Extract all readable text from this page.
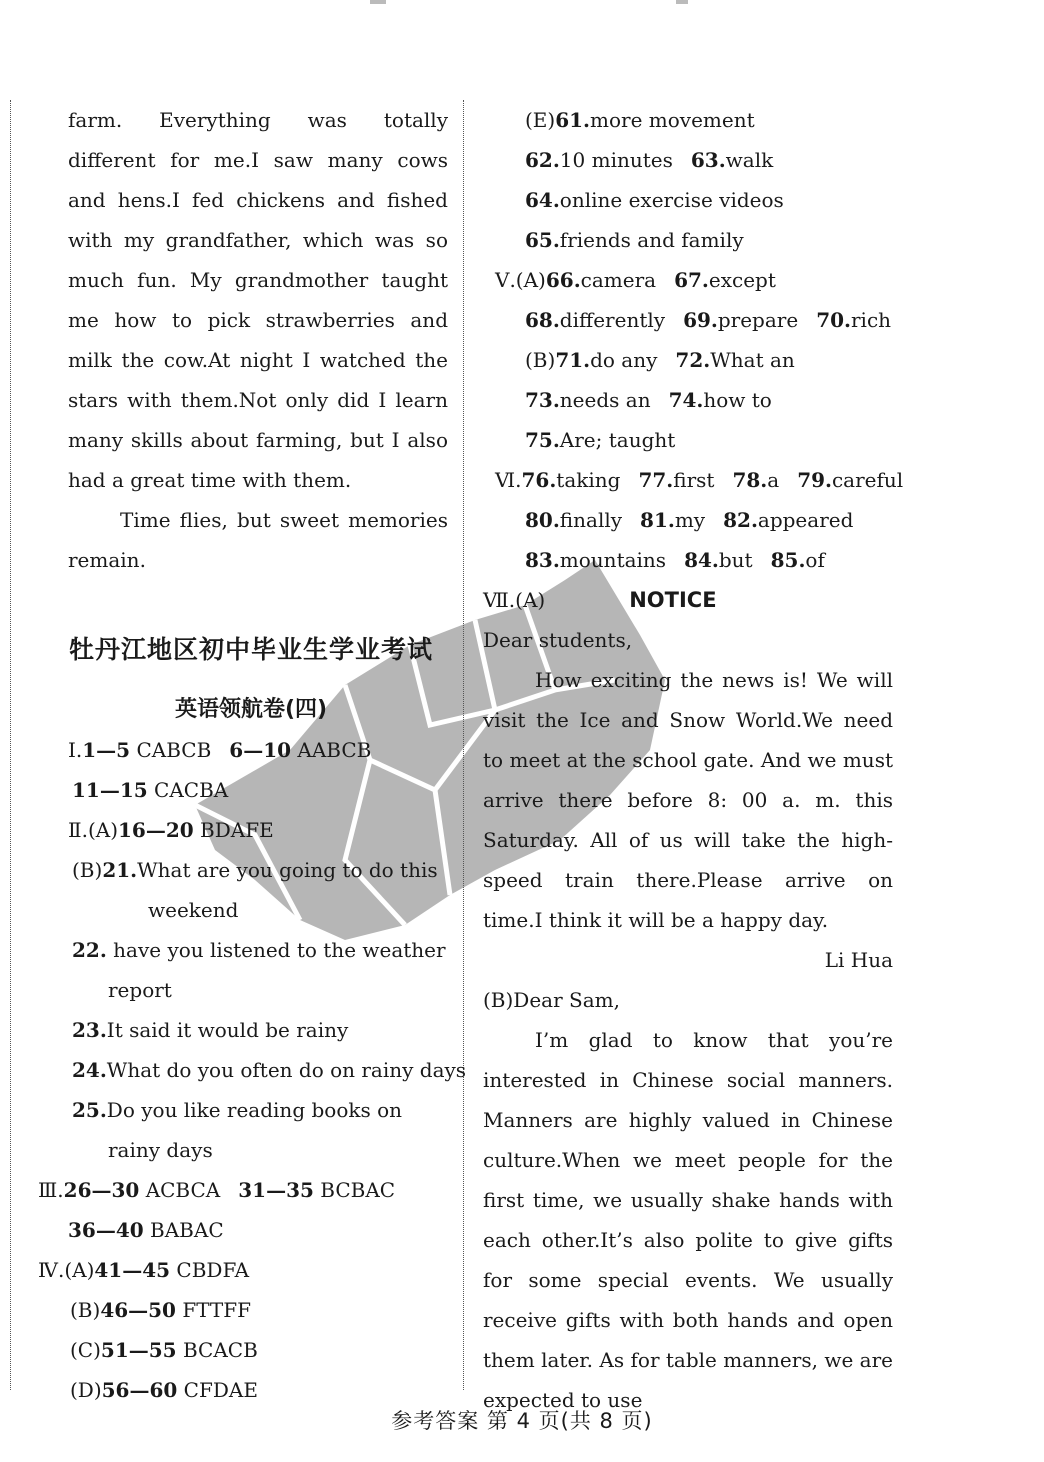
farm. Everything was totally different for me.I saw many cows and hens.I fed chickens and fished with my grandfather, which was so much fun. My grandmother taught me how to pick strawberries and milk the cow.At night I watched the stars with them.Not only did I learn many skills about farming, but I also had a great time with them.

Time flies, but sweet memories remain.

牡丹江地区初中毕业生学业考试
英语领航卷(四)
Ⅰ.1—5 CABCB 6—10 AABCB
11—15 CACBA
Ⅱ.(A)16—20 BDAFE
(B)21.What are you going to do this
weekend
22. have you listened to the weather
report
23.It said it would be rainy
24.What do you often do on rainy days
25.Do you like reading books on
rainy days
Ⅲ.26—30 ACBCA 31—35 BCBAC
36—40 BABAC
Ⅳ.(A)41—45 CBDFA
(B)46—50 FTTFF
(C)51—55 BCACB
(D)56—60 CFDAE
(E)61.more movement
62.10 minutes 63.walk
64.online exercise videos
65.friends and family
Ⅴ.(A)66.camera 67.except
68.differently 69.prepare 70.rich
(B)71.do any 72.What an
73.needs an 74.how to
75.Are; taught
Ⅵ.76.taking 77.first 78.a 79.careful
80.finally 81.my 82.appeared
83.mountains 84.but 85.of
Ⅶ.(A)	NOTICE

Dear students,

How exciting the news is! We will visit the Ice and Snow World.We need to meet at the school gate. And we must arrive there before 8: 00 a. m. this Saturday. All of us will take the high-speed train there.Please arrive on time.I think it will be a happy day.

Li Hua

(B)Dear Sam,

I’m glad to know that you’re interested in Chinese social manners. Manners are highly valued in Chinese culture.When we meet people for the first time, we usually shake hands with each other.It’s also polite to give gifts for some special events. We usually receive gifts with both hands and open them later. As for table manners, we are expected to use

参考答案 第 4 页(共 8 页)
